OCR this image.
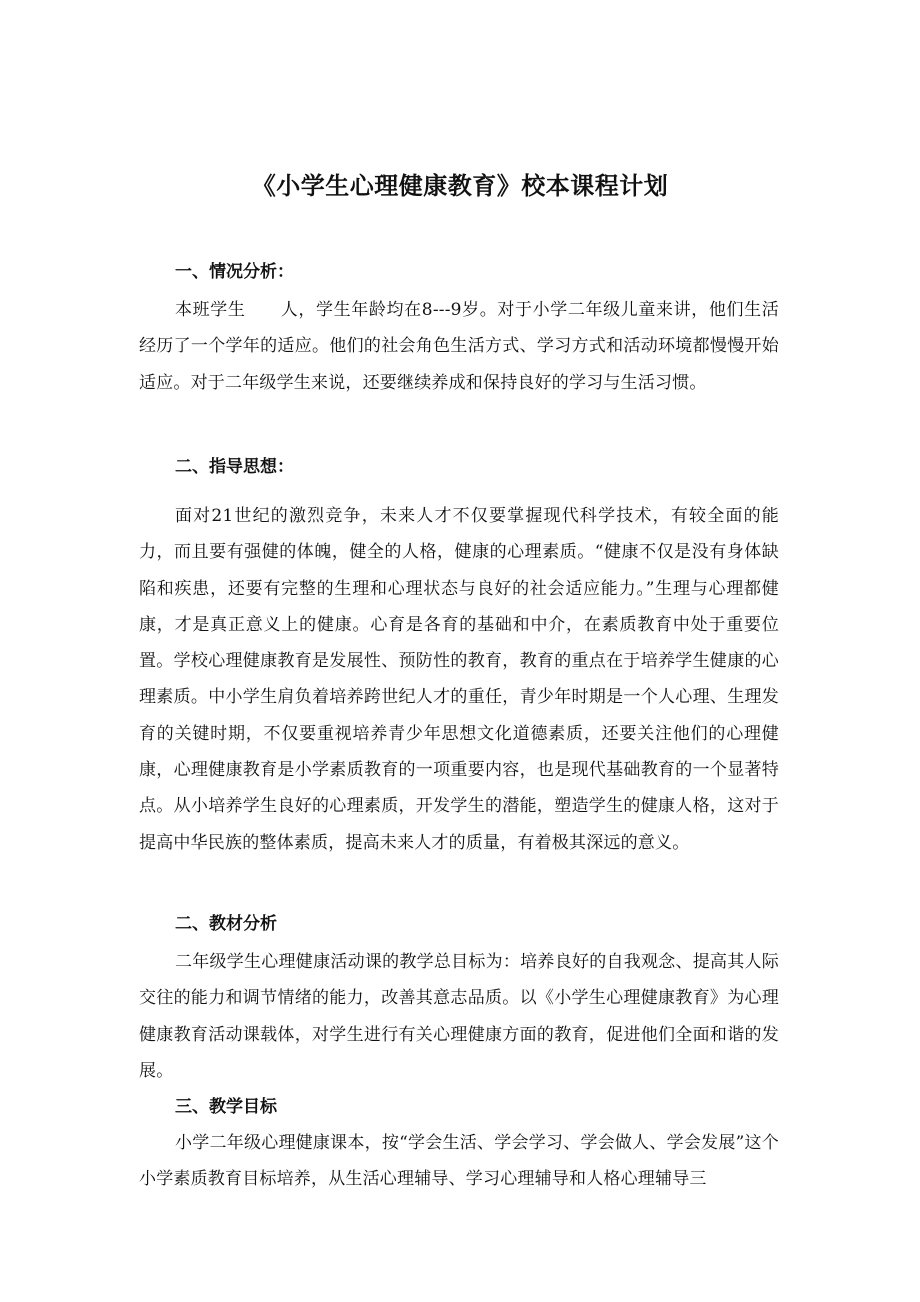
《小学生心理健康教育》校本课程计划
一、情况分析：
本班学生　　人，学生年龄均在8---9岁。对于小学二年级儿童来讲，他们生活经历了一个学年的适应。他们的社会角色生活方式、学习方式和活动环境都慢慢开始适应。对于二年级学生来说，还要继续养成和保持良好的学习与生活习惯。
二、指导思想：
面对21世纪的激烈竞争，未来人才不仅要掌握现代科学技术，有较全面的能力，而且要有强健的体魄，健全的人格，健康的心理素质。“健康不仅是没有身体缺陷和疾患，还要有完整的生理和心理状态与良好的社会适应能力。”生理与心理都健康，才是真正意义上的健康。心育是各育的基础和中介，在素质教育中处于重要位置。学校心理健康教育是发展性、预防性的教育，教育的重点在于培养学生健康的心理素质。中小学生肩负着培养跨世纪人才的重任，青少年时期是一个人心理、生理发育的关键时期，不仅要重视培养青少年思想文化道德素质，还要关注他们的心理健康，心理健康教育是小学素质教育的一项重要内容，也是现代基础教育的一个显著特点。从小培养学生良好的心理素质，开发学生的潜能，塑造学生的健康人格，这对于提高中华民族的整体素质，提高未来人才的质量，有着极其深远的意义。
二、教材分析
二年级学生心理健康活动课的教学总目标为：培养良好的自我观念、提高其人际交往的能力和调节情绪的能力，改善其意志品质。以《小学生心理健康教育》为心理健康教育活动课载体，对学生进行有关心理健康方面的教育，促进他们全面和谐的发展。
三、教学目标
小学二年级心理健康课本，按“学会生活、学会学习、学会做人、学会发展”这个小学素质教育目标培养，从生活心理辅导、学习心理辅导和人格心理辅导三
